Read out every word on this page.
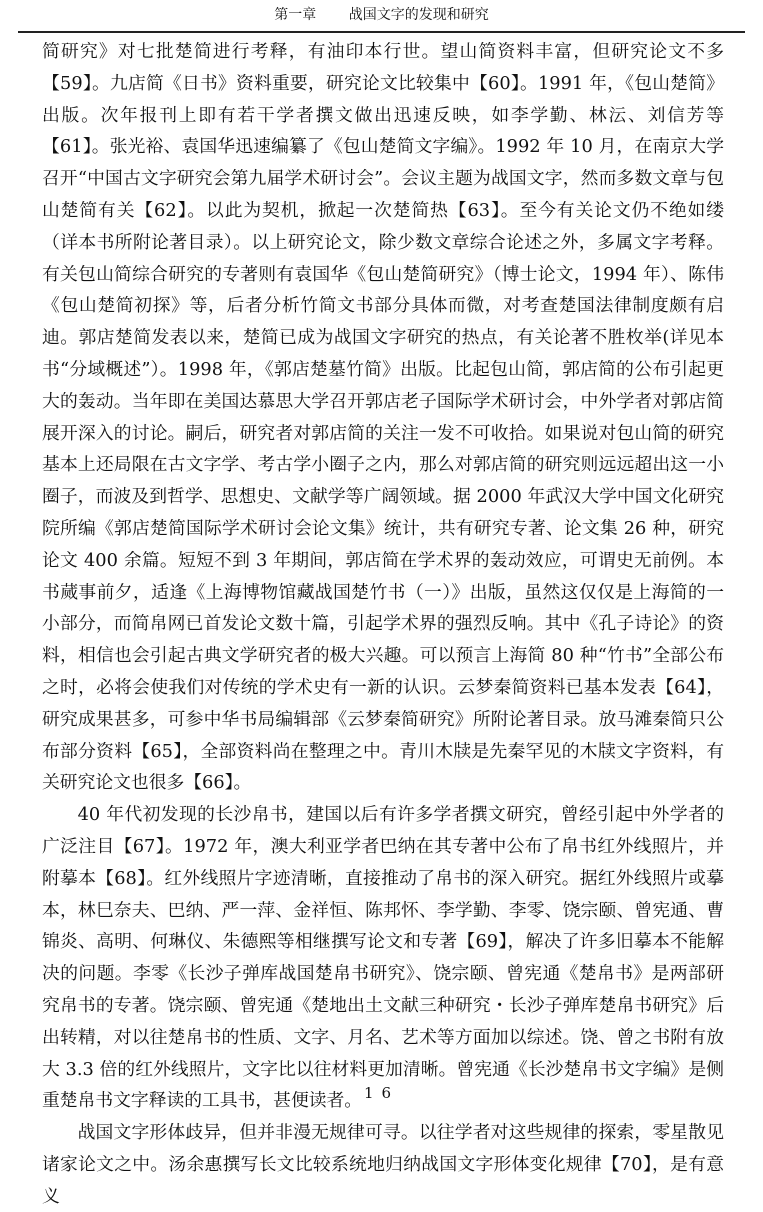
第一章 战国文字的发现和研究

简研究》对七批楚简进行考释，有油印本行世。望山简资料丰富，但研究论文不多【59】。九店简《日书》资料重要，研究论文比较集中【60】。1991 年，《包山楚简》出版。次年报刊上即有若干学者撰文做出迅速反映，如李学勤、林沄、刘信芳等【61】。张光裕、袁国华迅速编纂了《包山楚简文字编》。1992 年 10 月，在南京大学召开“中国古文字研究会第九届学术研讨会”。会议主题为战国文字，然而多数文章与包山楚简有关【62】。以此为契机，掀起一次楚简热【63】。至今有关论文仍不绝如缕（详本书所附论著目录）。以上研究论文，除少数文章综合论述之外，多属文字考释。有关包山简综合研究的专著则有袁国华《包山楚简研究》（博士论文，1994 年）、陈伟《包山楚简初探》等，后者分析竹简文书部分具体而微，对考查楚国法律制度颇有启迪。郭店楚简发表以来，楚简已成为战国文字研究的热点，有关论著不胜枚举(详见本书“分域概述”）。1998 年，《郭店楚墓竹简》出版。比起包山简，郭店简的公布引起更大的轰动。当年即在美国达慕思大学召开郭店老子国际学术研讨会，中外学者对郭店简展开深入的讨论。嗣后，研究者对郭店简的关注一发不可收拾。如果说对包山简的研究基本上还局限在古文字学、考古学小圈子之内，那么对郭店简的研究则远远超出这一小圈子，而波及到哲学、思想史、文献学等广阔领域。据 2000 年武汉大学中国文化研究院所编《郭店楚简国际学术研讨会论文集》统计，共有研究专著、论文集 26 种，研究论文 400 余篇。短短不到 3 年期间，郭店简在学术界的轰动效应，可谓史无前例。本书蒇事前夕，适逢《上海博物馆藏战国楚竹书（一）》出版，虽然这仅仅是上海简的一小部分，而简帛网已首发论文数十篇，引起学术界的强烈反响。其中《孔子诗论》的资料，相信也会引起古典文学研究者的极大兴趣。可以预言上海简 80 种“竹书”全部公布之时，必将会使我们对传统的学术史有一新的认识。云梦秦简资料已基本发表【64】，研究成果甚多，可参中华书局编辑部《云梦秦简研究》所附论著目录。放马滩秦简只公布部分资料【65】，全部资料尚在整理之中。青川木牍是先秦罕见的木牍文字资料，有关研究论文也很多【66】。

40 年代初发现的长沙帛书，建国以后有许多学者撰文研究，曾经引起中外学者的广泛注目【67】。1972 年，澳大利亚学者巴纳在其专著中公布了帛书红外线照片，并附摹本【68】。红外线照片字迹清晰，直接推动了帛书的深入研究。据红外线照片或摹本，林巳奈夫、巴纳、严一萍、金祥恒、陈邦怀、李学勤、李零、饶宗颐、曾宪通、曹锦炎、高明、何琳仪、朱德熙等相继撰写论文和专著【69】，解决了许多旧摹本不能解决的问题。李零《长沙子弹库战国楚帛书研究》、饶宗颐、曾宪通《楚帛书》是两部研究帛书的专著。饶宗颐、曾宪通《楚地出土文献三种研究・长沙子弹库楚帛书研究》后出转精，对以往楚帛书的性质、文字、月名、艺术等方面加以综述。饶、曾之书附有放大 3.3 倍的红外线照片，文字比以往材料更加清晰。曾宪通《长沙楚帛书文字编》是侧重楚帛书文字释读的工具书，甚便读者。

战国文字形体歧异，但并非漫无规律可寻。以往学者对这些规律的探索，零星散见诸家论文之中。汤余惠撰写长文比较系统地归纳战国文字形体变化规律【70】，是有意义

16
